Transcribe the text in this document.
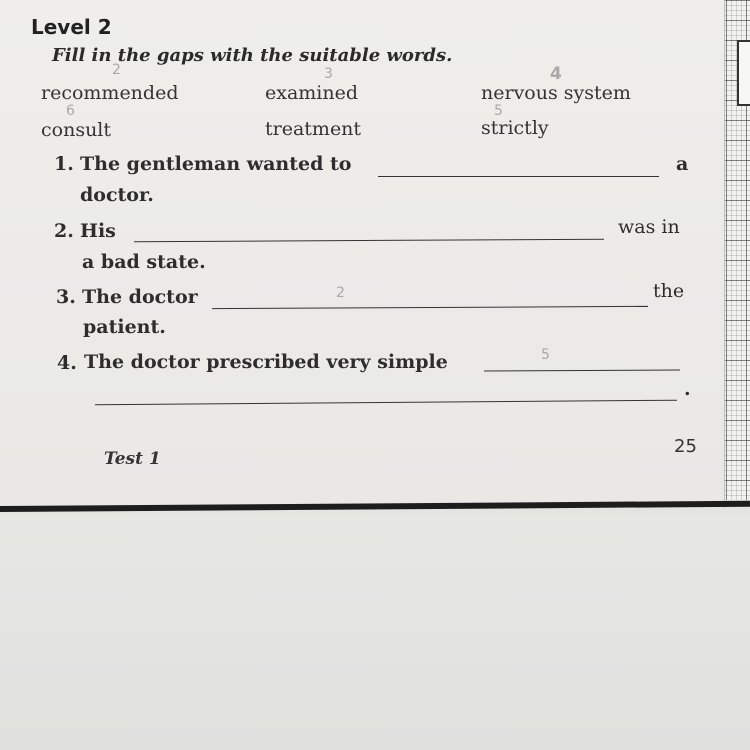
Level 2
Fill in the gaps with the suitable words.
recommended	examined	nervous system
consult	treatment	strictly
2
6
3	4
5
2
5
1. The gentleman wanted to	a
doctor.
2. His	was in
a bad state.
3. The doctor	the
patient.
4. The doctor prescribed very simple
.
Test 1
25
